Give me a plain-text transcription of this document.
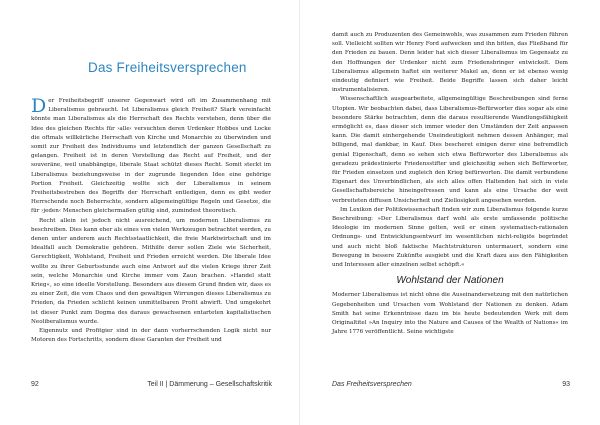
Das Freiheitsversprechen

Der Freiheitsbegriff unserer Gegenwart wird oft im Zusammenhang mit Liberalismus gebraucht. Ist Liberalismus gleich Freiheit? Stark vereinfacht könnte man Liberalismus als die Herrschaft des Rechts verstehen, denn über die Idee des gleichen Rechts für ›alle‹ versuchten deren Urdenker Hobbes und Locke die oftmals willkürliche Herrschaft von Kirche und Monarchie zu überwinden und somit zur Freiheit des Individuums und letztendlich der ganzen Gesellschaft zu gelangen. Freiheit ist in deren Vorstellung das Recht auf Freiheit, und der souveräne, weil unabhängige, liberale Staat schützt dieses Recht. Somit steckt im Liberalismus beziehungsweise in der zugrunde liegenden Idee eine gehörige Portion Freiheit. Gleichzeitig wollte sich der Liberalismus in seinem Freiheitsbestreben des Begriffs der Herrschaft entledigen, denn es gibt weder Herrschende noch Beherrschte, sondern allgemeingültige Regeln und Gesetze, die für ›jeden‹ Menschen gleichermaßen gültig sind, zumindest theoretisch.

Recht allein ist jedoch nicht ausreichend, um modernen Liberalismus zu beschreiben. Dies kann eher als eines von vielen Werkzeugen betrachtet werden, zu denen unter anderem auch Rechtsstaatlichkeit, die freie Marktwirtschaft und im Idealfall auch Demokratie gehören. Mithilfe derer sollen Ziele wie Sicherheit, Gerechtigkeit, Wohlstand, Freiheit und Frieden erreicht werden. Die liberale Idee wollte zu ihrer Geburtsstunde auch eine Antwort auf die vielen Kriege ihrer Zeit sein, welche Monarchie und Kirche immer vom Zaun brachen. »Handel statt Krieg«, so eine ideelle Vorstellung. Besonders aus diesem Grund finden wir, dass es zu einer Zeit, die vom Chaos und den gewaltigen Wirrungen dieses Liberalismus zu Frieden, da Frieden schlicht keinen unmittelbaren Profit abwirft. Und umgekehrt ist dieser Punkt zum Dogma des daraus gewachsenen entarteten kapitalistischen Neoliberalismus wurde.

Eigennutz und Profitgier sind in der dann vorherrschenden Logik nicht nur Motoren des Fortschritts, sondern diese Garanten der Freiheit und

92	Teil II | Dämmerung – Gesellschaftskritik

damit auch zu Produzenten des Gemeinwohls, was zusammen zum Frieden führen soll. Vielleicht sollten wir Henry Ford aufwecken und ihn bitten, das Fließband für den Frieden zu bauen. Denn leider hat sich dieser Liberalismus im Gegensatz zu den Hoffnungen der Urdenker nicht zum Friedensbringer entwickelt. Dem Liberalismus allgemein haftet ein weiterer Makel an, denn er ist ebenso wenig eindeutig definiert wie Freiheit. Beide Begriffe lassen sich daher leicht instrumentalisieren.

Wissenschaftlich ausgearbeitete, allgemeingültige Beschreibungen sind ferne Utopien. Wir beobachten dabei, dass Liberalismus-Befürworter dies sogar als eine besondere Stärke betrachten, denn die daraus resultierende Wandlungsfähigkeit ermöglicht es, dass dieser sich immer wieder den Umständen der Zeit anpassen kann. Die damit einhergehende Uneindeutigkeit nehmen dessen Anhänger, mal billigend, mal dankbar, in Kauf. Dies bescheret einigen derer eine befremdlich genial Eigenschaft, denn so sehen sich etwa Befürworter des Liberalismus als geradezu prädestinierte Friedensstifter und gleichzeitig sehen sich Befürworter, für Frieden einsetzen und zugleich den Krieg befürworten. Die damit verbundene Eigenart des Unverbindlichen, als sich alles offen Haltenden hat sich in viele Gesellschaftsbereiche hineingefressen und kann als eine Ursache der weit verbreiteten diffusen Unsicherheit und Ziellosigkeit angesehen werden.

Im Lexikon der Politikwissenschaft finden wir zum Liberalismus folgende kurze Beschreibung: »Der Liberalismus darf wohl als erste umfassende politische Ideologie im modernen Sinne gelten, weil er einen systematisch-rationalen Ordnungs- und Entwicklungsentwurf im wesentlichen nicht-religiös begründet und auch nicht bloß faktische Machtstrukturen untermauert, sondern eine Bewegung in bessere Zukünfte ausgiebt und die Kraft dazu aus den Fähigkeiten und Interessen aller einzelnen selbst schöpft.«

Wohlstand der Nationen

Moderner Liberalismus ist nicht ohne die Auseinandersetzung mit den natürlichen Gegebenheiten und Ursachen vom Wohlstand der Nationen zu denken. Adam Smith hat seine Erkenntnisse dazu im bis heute bedeutenden Werk mit dem Originaltitel »An Inquiry into the Nature and Causes of the Wealth of Nations« im Jahre 1776 veröffentlicht. Seine wichtigste

Das Freiheitsversprechen	93
